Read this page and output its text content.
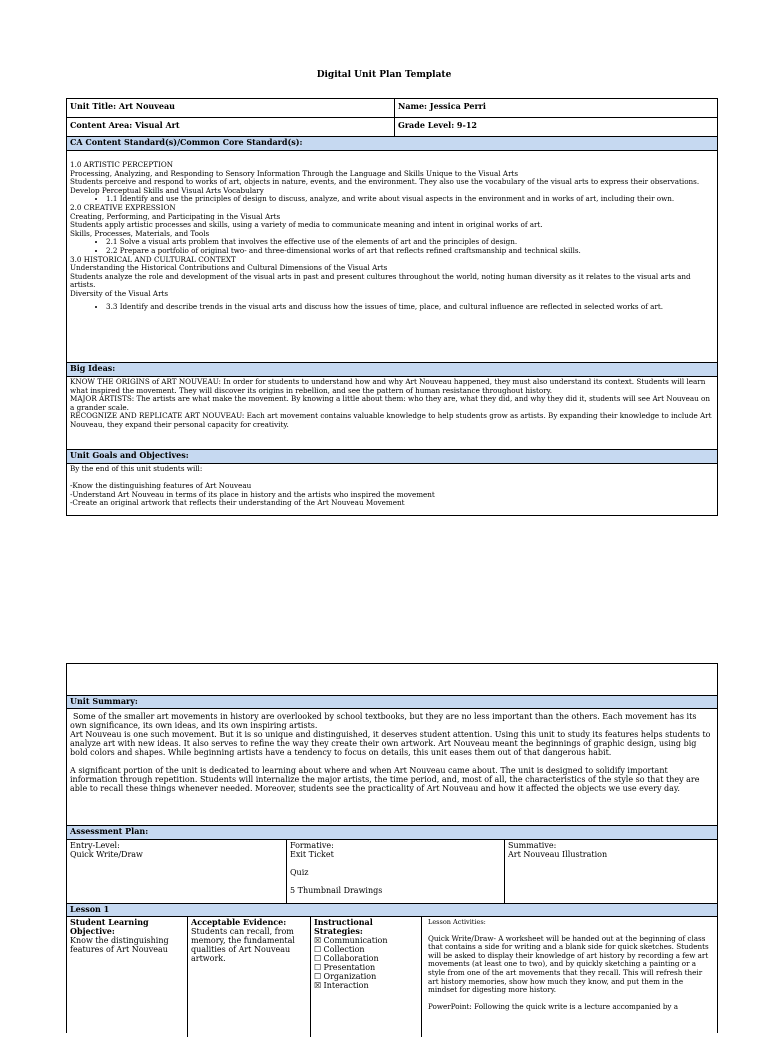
Digital Unit Plan Template
Unit Title: Art Nouveau	Name: Jessica Perri
Content Area: Visual Art	Grade Level: 9-12
CA Content Standard(s)/Common Core Standard(s):
1.0 ARTISTIC PERCEPTION
Processing, Analyzing, and Responding to Sensory Information Through the Language and Skills Unique to the Visual Arts
Students perceive and respond to works of art, objects in nature, events, and the environment. They also use the vocabulary of the visual arts to express their observations.
Develop Perceptual Skills and Visual Arts Vocabulary
• 1.1 Identify and use the principles of design to discuss, analyze, and write about visual aspects in the environment and in works of art, including their own.
2.0 CREATIVE EXPRESSION
Creating, Performing, and Participating in the Visual Arts
Students apply artistic processes and skills, using a variety of media to communicate meaning and intent in original works of art.
Skills, Processes, Materials, and Tools
• 2.1 Solve a visual arts problem that involves the effective use of the elements of art and the principles of design.
• 2.2 Prepare a portfolio of original two- and three-dimensional works of art that reflects refined craftsmanship and technical skills.
3.0 HISTORICAL AND CULTURAL CONTEXT
Understanding the Historical Contributions and Cultural Dimensions of the Visual Arts
Students analyze the role and development of the visual arts in past and present cultures throughout the world, noting human diversity as it relates to the visual arts and artists.
Diversity of the Visual Arts
• 3.3 Identify and describe trends in the visual arts and discuss how the issues of time, place, and cultural influence are reflected in selected works of art.
Big Ideas:
KNOW THE ORIGINS of ART NOUVEAU: In order for students to understand how and why Art Nouveau happened, they must also understand its context. Students will learn what inspired the movement. They will discover its origins in rebellion, and see the pattern of human resistance throughout history.
MAJOR ARTISTS: The artists are what make the movement. By knowing a little about them: who they are, what they did, and why they did it, students will see Art Nouveau on a grander scale.
RECOGNIZE AND REPLICATE ART NOUVEAU: Each art movement contains valuable knowledge to help students grow as artists. By expanding their knowledge to include Art Nouveau, they expand their personal capacity for creativity.
Unit Goals and Objectives:
By the end of this unit students will:
-Know the distinguishing features of Art Nouveau
-Understand Art Nouveau in terms of its place in history and the artists who inspired the movement
-Create an original artwork that reflects their understanding of the Art Nouveau Movement
Unit Summary:
Some of the smaller art movements in history are overlooked by school textbooks, but they are no less important than the others. Each movement has its own significance, its own ideas, and its own inspiring artists.
Art Nouveau is one such movement. But it is so unique and distinguished, it deserves student attention. Using this unit to study its features helps students to analyze art with new ideas. It also serves to refine the way they create their own artwork. Art Nouveau meant the beginnings of graphic design, using big bold colors and shapes. While beginning artists have a tendency to focus on details, this unit eases them out of that dangerous habit.
A significant portion of the unit is dedicated to learning about where and when Art Nouveau came about. The unit is designed to solidify important information through repetition. Students will internalize the major artists, the time period, and, most of all, the characteristics of the style so that they are able to recall these things whenever needed. Moreover, students see the practicality of Art Nouveau and how it affected the objects we use every day.
Assessment Plan:
Entry-Level:
Quick Write/Draw
Formative:
Exit Ticket
Quiz
5 Thumbnail Drawings
Summative:
Art Nouveau Illustration
Lesson 1
Student Learning Objective:
Know the distinguishing features of Art Nouveau
Acceptable Evidence:
Students can recall, from memory, the fundamental qualities of Art Nouveau artwork.
Instructional Strategies:
☒ Communication
☐ Collection
☐ Collaboration
☐ Presentation
☐ Organization
☒ Interaction
Lesson Activities:
Quick Write/Draw- A worksheet will be handed out at the beginning of class that contains a side for writing and a blank side for quick sketches. Students will be asked to display their knowledge of art history by recording a few art movements (at least one to two), and by quickly sketching a painting or a style from one of the art movements that they recall. This will refresh their art history memories, show how much they know, and put them in the mindset for digesting more history.
PowerPoint: Following the quick write is a lecture accompanied by a
